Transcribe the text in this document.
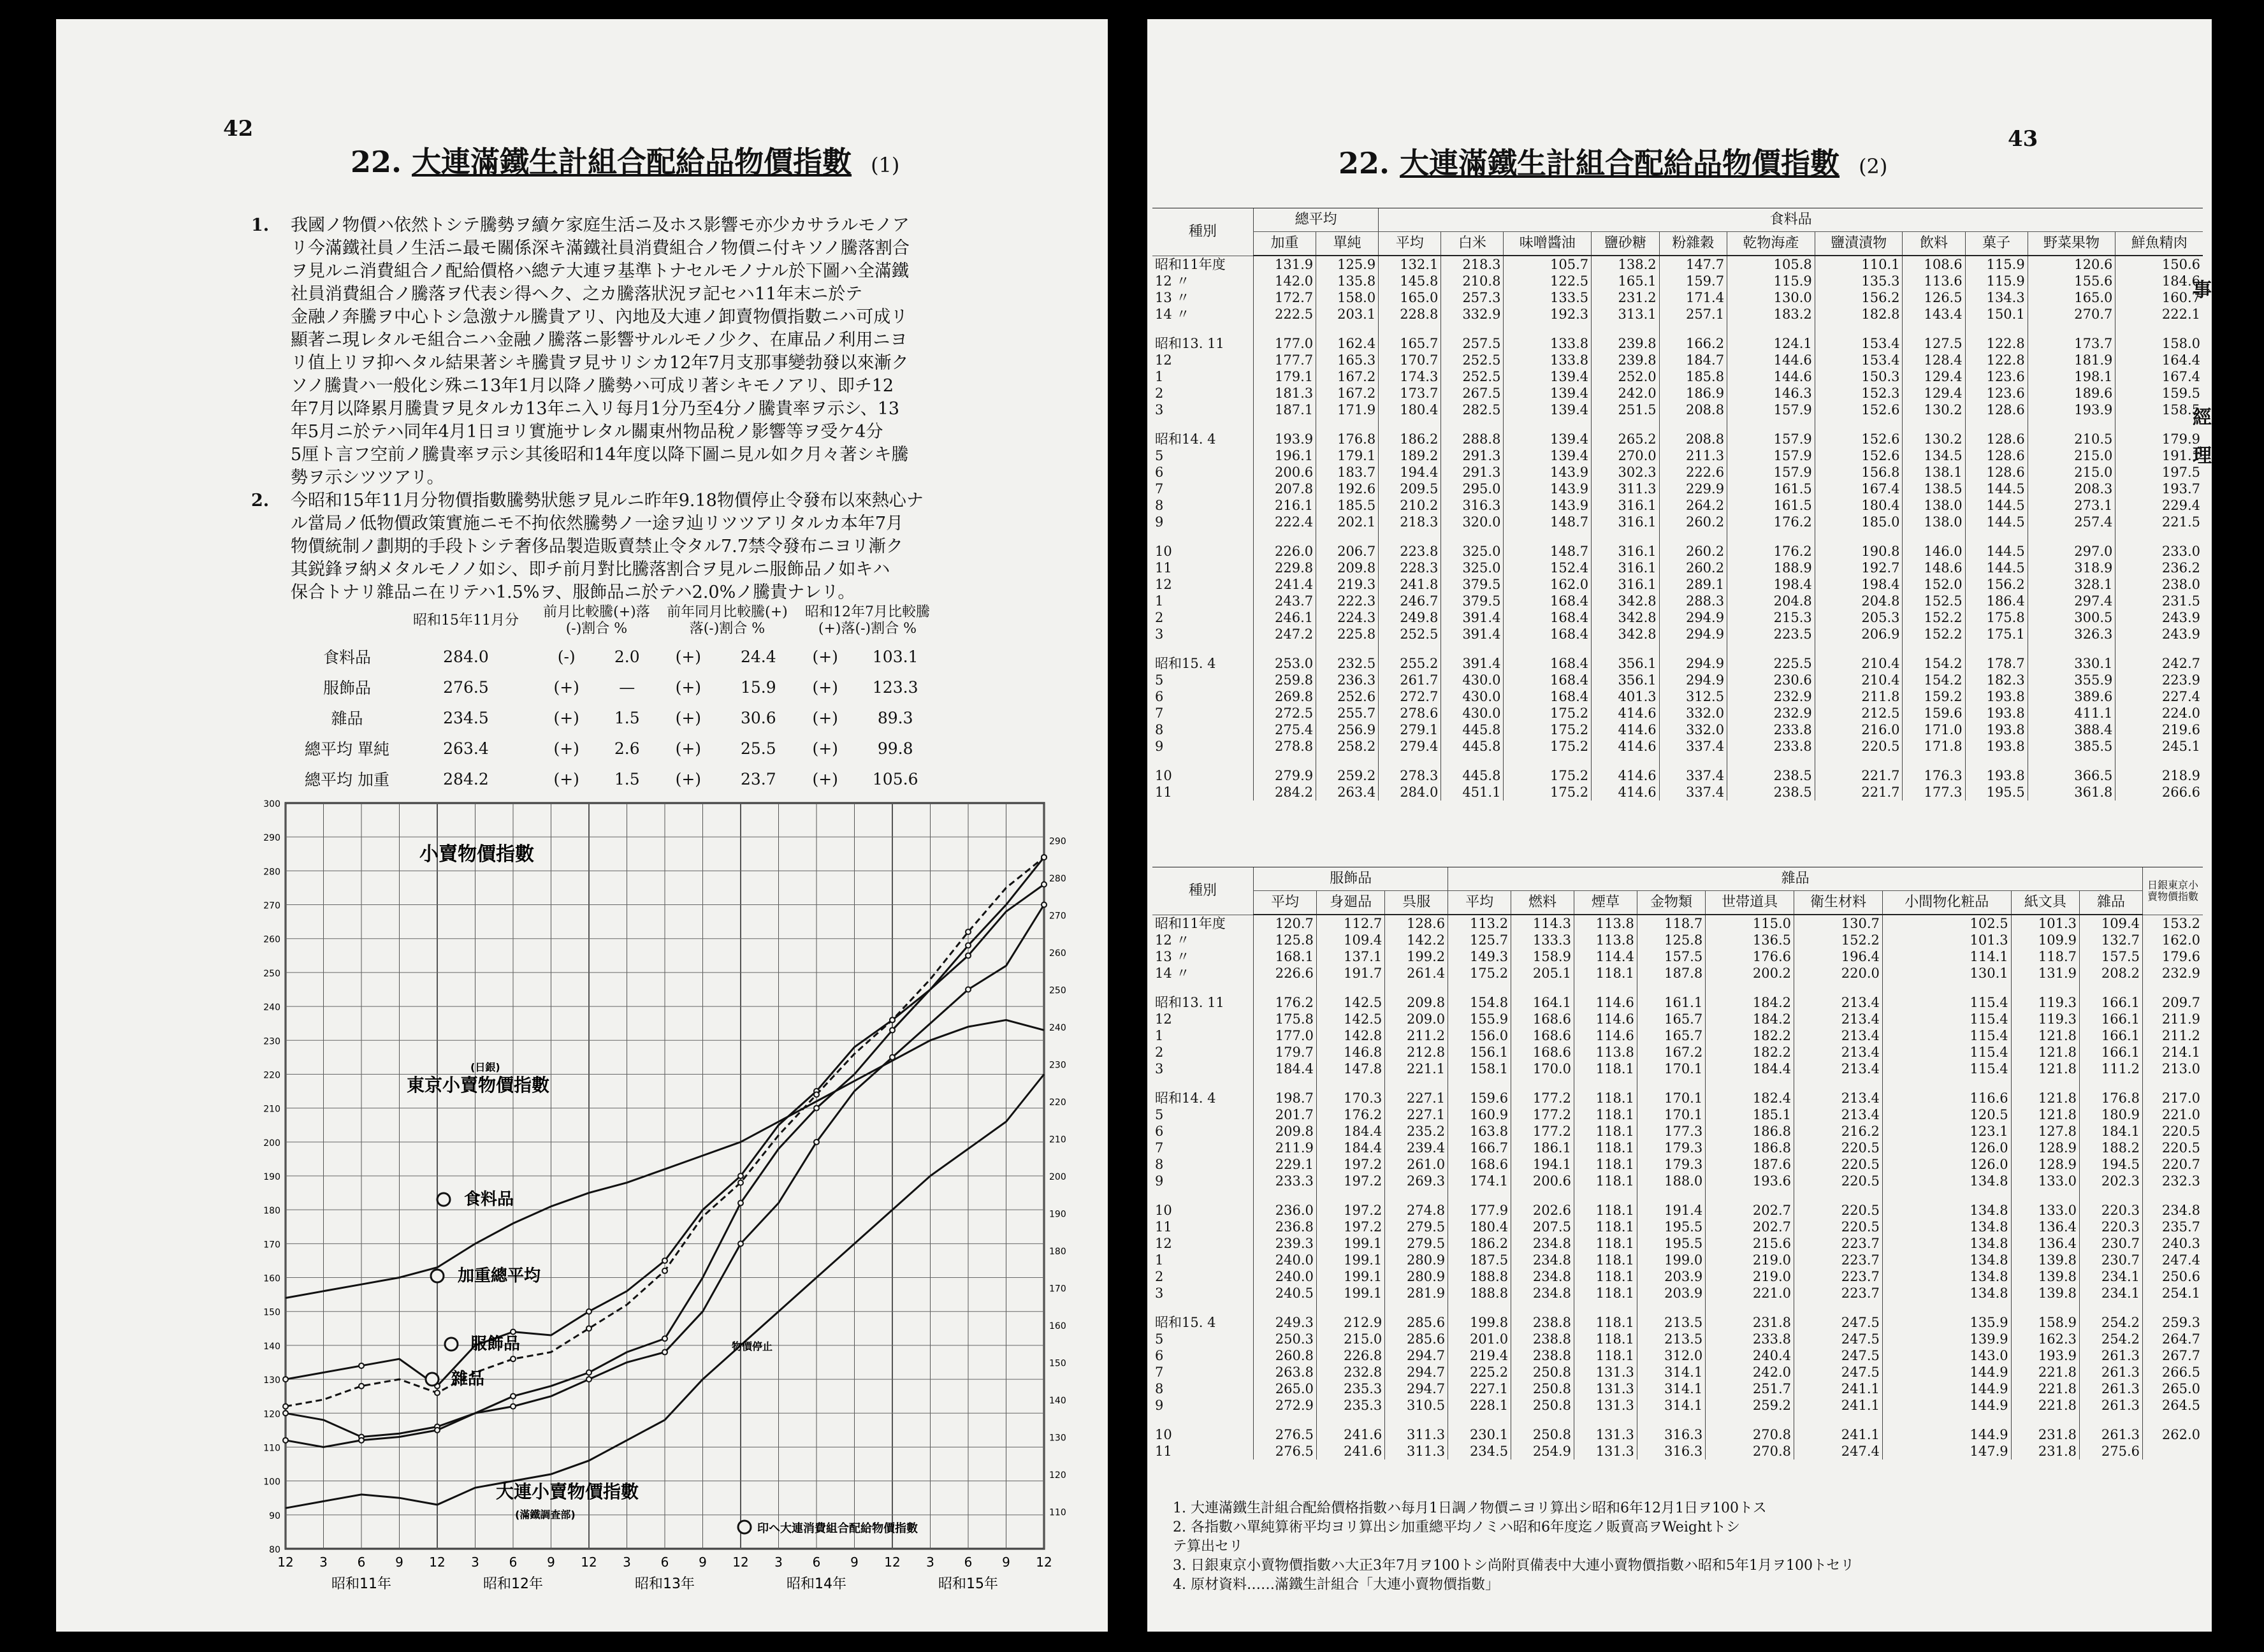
42
22. 大連滿鐵生計組合配給品物價指數 (1)
1. 我國ノ物價ハ依然トシテ騰勢ヲ續ケ家庭生活ニ及ホス影響モ亦少カサラルモノア
リ今滿鐵社員ノ生活ニ最モ關係深キ滿鐵社員消費組合ノ物價ニ付キソノ騰落割合
ヲ見ルニ消費組合ノ配給價格ハ總テ大連ヲ基準トナセルモノナル於下圖ハ全滿鐵
社員消費組合ノ騰落ヲ代表シ得ヘク、之カ騰落狀況ヲ記セハ11年末ニ於テ
金融ノ奔騰ヲ中心トシ急激ナル騰貴アリ、內地及大連ノ卸賣物價指數ニハ可成リ
顯著ニ現レタルモ組合ニハ金融ノ騰落ニ影響サルルモノ少ク、在庫品ノ利用ニヨ
リ值上リヲ抑ヘタル結果著シキ騰貴ヲ見サリシカ12年7月支那事變勃發以來漸ク
ソノ騰貴ハ一般化シ殊ニ13年1月以降ノ騰勢ハ可成リ著シキモノアリ、即チ12
年7月以降累月騰貴ヲ見タルカ13年ニ入リ每月1分乃至4分ノ騰貴率ヲ示シ、13
年5月ニ於テハ同年4月1日ヨリ實施サレタル關東州物品稅ノ影響等ヲ受ケ4分
5厘ト言フ空前ノ騰貴率ヲ示シ其後昭和14年度以降下圖ニ見ル如ク月々著シキ騰
勢ヲ示シツツアリ。
2. 今昭和15年11月分物價指數騰勢狀態ヲ見ルニ昨年9.18物價停止令發布以來熱心ナ
ル當局ノ低物價政策實施ニモ不拘依然騰勢ノ一途ヲ辿リツツアリタルカ本年7月
物價統制ノ劃期的手段トシテ奢侈品製造販賣禁止令タル7.7禁令發布ニヨリ漸ク
其鋭鋒ヲ納メタルモノノ如シ、即チ前月對比騰落割合ヲ見ルニ服飾品ノ如キハ
保合トナリ雜品ニ在リテハ1.5%ヲ、服飾品ニ於テハ2.0%ノ騰貴ナレリ。
	昭和15年11月分	前月比較騰(+)落(-)割合 %		前年同月比較騰(+)落(-)割合 %		昭和12年7月比較騰(+)落(-)割合 %	
食料品	284.0	(-)	2.0	(+)	24.4	(+)	103.1
服飾品	276.5	(+)	—	(+)	15.9	(+)	123.3
雜品	234.5	(+)	1.5	(+)	30.6	(+)	89.3
總平均 單純	263.4	(+)	2.6	(+)	25.5	(+)	99.8
總平均 加重	284.2	(+)	1.5	(+)	23.7	(+)	105.6
12 3 6 9 12 3 6 9 12 3 6 9 12 3 6 9 12 3 6 9 12
昭和11年	昭和12年	昭和13年	昭和14年	昭和15年
80
90
100
110
120
130
140
150
160
170
180
190
200
210
220
230
240
250
260
270
280
290
300
110
120
130
140
150
160
170
180
190
200
210
220
230
240
250
260
270
280
290
小賣物價指數
(日銀)
東京小賣物價指數
食料品
加重總平均
服飾品
雜品
物價停止
大連小賣物價指數
(滿鐵調査部)
印ヘ大連消費組合配給物價指數
43
22. 大連滿鐵生計組合配給品物價指數 (2)
事
經
理
種別	總平均		食料品										
	加重	單純	平均	白米	味噌醬油	鹽砂糖	粉雜穀	乾物海產	鹽漬漬物	飲料	菓子	野菜果物	鮮魚精肉
昭和11年度	131.9	125.9	132.1	218.3	105.7	138.2	147.7	105.8	110.1	108.6	115.9	120.6	150.6
12 〃	142.0	135.8	145.8	210.8	122.5	165.1	159.7	115.9	135.3	113.6	115.9	155.6	184.6
13 〃	172.7	158.0	165.0	257.3	133.5	231.2	171.4	130.0	156.2	126.5	134.3	165.0	160.7
14 〃	222.5	203.1	228.8	332.9	192.3	313.1	257.1	183.2	182.8	143.4	150.1	270.7	222.1

昭和13. 11	177.0	162.4	165.7	257.5	133.8	239.8	166.2	124.1	153.4	127.5	122.8	173.7	158.0
12	177.7	165.3	170.7	252.5	133.8	239.8	184.7	144.6	153.4	128.4	122.8	181.9	164.4
1	179.1	167.2	174.3	252.5	139.4	252.0	185.8	144.6	150.3	129.4	123.6	198.1	167.4
2	181.3	167.2	173.7	267.5	139.4	242.0	186.9	146.3	152.3	129.4	123.6	189.6	159.5
3	187.1	171.9	180.4	282.5	139.4	251.5	208.8	157.9	152.6	130.2	128.6	193.9	158.5

昭和14. 4	193.9	176.8	186.2	288.8	139.4	265.2	208.8	157.9	152.6	130.2	128.6	210.5	179.9
5	196.1	179.1	189.2	291.3	139.4	270.0	211.3	157.9	152.6	134.5	128.6	215.0	191.1
6	200.6	183.7	194.4	291.3	143.9	302.3	222.6	157.9	156.8	138.1	128.6	215.0	197.5
7	207.8	192.6	209.5	295.0	143.9	311.3	229.9	161.5	167.4	138.5	144.5	208.3	193.7
8	216.1	185.5	210.2	316.3	143.9	316.1	264.2	161.5	180.4	138.0	144.5	273.1	229.4
9	222.4	202.1	218.3	320.0	148.7	316.1	260.2	176.2	185.0	138.0	144.5	257.4	221.5

10	226.0	206.7	223.8	325.0	148.7	316.1	260.2	176.2	190.8	146.0	144.5	297.0	233.0
11	229.8	209.8	228.3	325.0	152.4	316.1	260.2	188.9	192.7	148.6	144.5	318.9	236.2
12	241.4	219.3	241.8	379.5	162.0	316.1	289.1	198.4	198.4	152.0	156.2	328.1	238.0
1	243.7	222.3	246.7	379.5	168.4	342.8	288.3	204.8	204.8	152.5	186.4	297.4	231.5
2	246.1	224.3	249.8	391.4	168.4	342.8	294.9	215.3	205.3	152.2	175.8	300.5	243.9
3	247.2	225.8	252.5	391.4	168.4	342.8	294.9	223.5	206.9	152.2	175.1	326.3	243.9

昭和15. 4	253.0	232.5	255.2	391.4	168.4	356.1	294.9	225.5	210.4	154.2	178.7	330.1	242.7
5	259.8	236.3	261.7	430.0	168.4	356.1	294.9	230.6	210.4	154.2	182.3	355.9	223.9
6	269.8	252.6	272.7	430.0	168.4	401.3	312.5	232.9	211.8	159.2	193.8	389.6	227.4
7	272.5	255.7	278.6	430.0	175.2	414.6	332.0	232.9	212.5	159.6	193.8	411.1	224.0
8	275.4	256.9	279.1	445.8	175.2	414.6	332.0	233.8	216.0	171.0	193.8	388.4	219.6
9	278.8	258.2	279.4	445.8	175.2	414.6	337.4	233.8	220.5	171.8	193.8	385.5	245.1

10	279.9	259.2	278.3	445.8	175.2	414.6	337.4	238.5	221.7	176.3	193.8	366.5	218.9
11	284.2	263.4	284.0	451.1	175.2	414.6	337.4	238.5	221.7	177.3	195.5	361.8	266.6
種別	服飾品			雜品									日銀東京小賣物價指數
	平均	身廻品	呉服	平均	燃料	煙草	金物類	世帯道具	衛生材料	小間物化粧品	紙文具	雜品	
昭和11年度	120.7	112.7	128.6	113.2	114.3	113.8	118.7	115.0	130.7	102.5	101.3	109.4	153.2
12 〃	125.8	109.4	142.2	125.7	133.3	113.8	125.8	136.5	152.2	101.3	109.9	132.7	162.0
13 〃	168.1	137.1	199.2	149.3	158.9	114.4	157.5	176.6	196.4	114.1	118.7	157.5	179.6
14 〃	226.6	191.7	261.4	175.2	205.1	118.1	187.8	200.2	220.0	130.1	131.9	208.2	232.9

昭和13. 11	176.2	142.5	209.8	154.8	164.1	114.6	161.1	184.2	213.4	115.4	119.3	166.1	209.7
12	175.8	142.5	209.0	155.9	168.6	114.6	165.7	184.2	213.4	115.4	119.3	166.1	211.9
1	177.0	142.8	211.2	156.0	168.6	114.6	165.7	182.2	213.4	115.4	121.8	166.1	211.2
2	179.7	146.8	212.8	156.1	168.6	113.8	167.2	182.2	213.4	115.4	121.8	166.1	214.1
3	184.4	147.8	221.1	158.1	170.0	118.1	170.1	184.4	213.4	115.4	121.8	111.2	213.0

昭和14. 4	198.7	170.3	227.1	159.6	177.2	118.1	170.1	182.4	213.4	116.6	121.8	176.8	217.0
5	201.7	176.2	227.1	160.9	177.2	118.1	170.1	185.1	213.4	120.5	121.8	180.9	221.0
6	209.8	184.4	235.2	163.8	177.2	118.1	177.3	186.8	216.2	123.1	127.8	184.1	220.5
7	211.9	184.4	239.4	166.7	186.1	118.1	179.3	186.8	220.5	126.0	128.9	188.2	220.5
8	229.1	197.2	261.0	168.6	194.1	118.1	179.3	187.6	220.5	126.0	128.9	194.5	220.7
9	233.3	197.2	269.3	174.1	200.6	118.1	188.0	193.6	220.5	134.8	133.0	202.3	232.3

10	236.0	197.2	274.8	177.9	202.6	118.1	191.4	202.7	220.5	134.8	133.0	220.3	234.8
11	236.8	197.2	279.5	180.4	207.5	118.1	195.5	202.7	220.5	134.8	136.4	220.3	235.7
12	239.3	199.1	279.5	186.2	234.8	118.1	195.5	215.6	223.7	134.8	136.4	230.7	240.3
1	240.0	199.1	280.9	187.5	234.8	118.1	199.0	219.0	223.7	134.8	139.8	230.7	247.4
2	240.0	199.1	280.9	188.8	234.8	118.1	203.9	219.0	223.7	134.8	139.8	234.1	250.6
3	240.5	199.1	281.9	188.8	234.8	118.1	203.9	221.0	223.7	134.8	139.8	234.1	254.1

昭和15. 4	249.3	212.9	285.6	199.8	238.8	118.1	213.5	231.8	247.5	135.9	158.9	254.2	259.3
5	250.3	215.0	285.6	201.0	238.8	118.1	213.5	233.8	247.5	139.9	162.3	254.2	264.7
6	260.8	226.8	294.7	219.4	238.8	118.1	312.0	240.4	247.5	143.0	193.9	261.3	267.7
7	263.8	232.8	294.7	225.2	250.8	131.3	314.1	242.0	247.5	144.9	221.8	261.3	266.5
8	265.0	235.3	294.7	227.1	250.8	131.3	314.1	251.7	241.1	144.9	221.8	261.3	265.0
9	272.9	235.3	310.5	228.1	250.8	131.3	314.1	259.2	241.1	144.9	221.8	261.3	264.5

10	276.5	241.6	311.3	230.1	250.8	131.3	316.3	270.8	241.1	144.9	231.8	261.3	262.0
11	276.5	241.6	311.3	234.5	254.9	131.3	316.3	270.8	247.4	147.9	231.8	275.6	
1. 大連滿鐵生計組合配給價格指數ハ每月1日調ノ物價ニヨリ算出シ昭和6年12月1日ヲ100トス
2. 各指數ハ單純算術平均ヨリ算出シ加重總平均ノミハ昭和6年度迄ノ販賣高ヲWeightトシ
テ算出セリ
3. 日銀東京小賣物價指數ハ大正3年7月ヲ100トシ尚附頁備表中大連小賣物價指數ハ昭和5年1月ヲ100トセリ
4. 原材資料……滿鐵生計組合「大連小賣物價指數」
